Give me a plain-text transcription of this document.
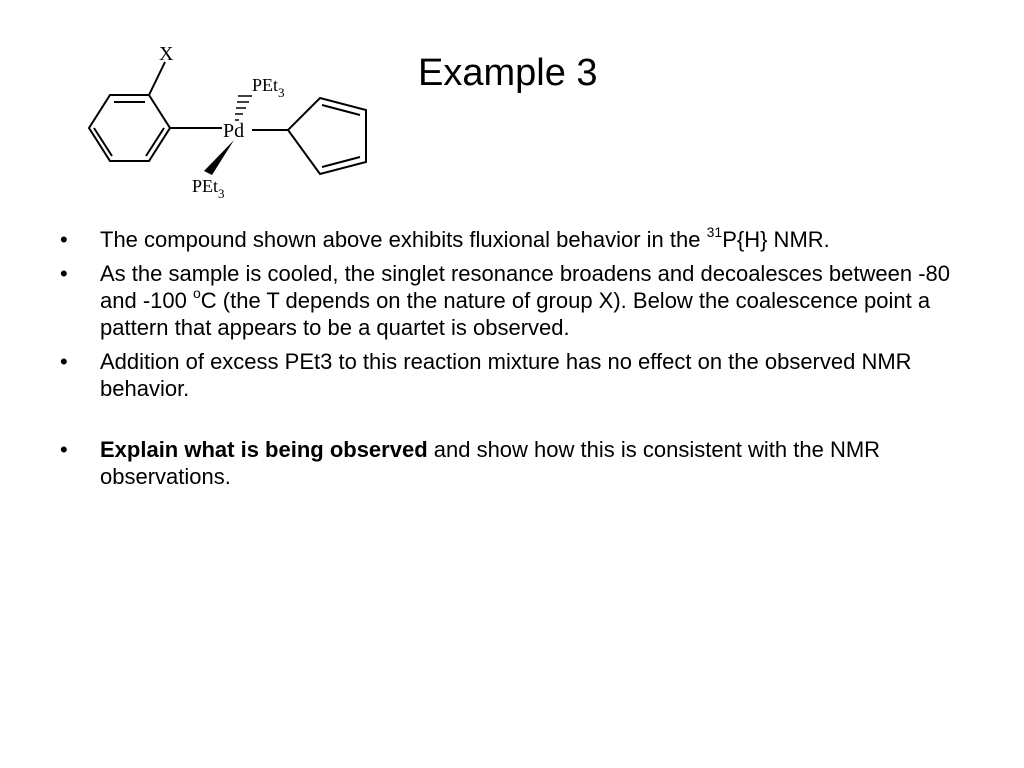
X
Pd
PEt$_3$
PEt$_3$
Example 3
• The compound shown above exhibits fluxional behavior in the $^{31}$P{H} NMR.
• As the sample is cooled, the singlet resonance broadens and decoalesces between -80 and -100 $^o$C (the T depends on the nature of group X). Below the coalescence point a pattern that appears to be a quartet is observed.
• Addition of excess PEt3 to this reaction mixture has no effect on the observed NMR behavior.
• Explain what is being observed and show how this is consistent with the NMR observations.
